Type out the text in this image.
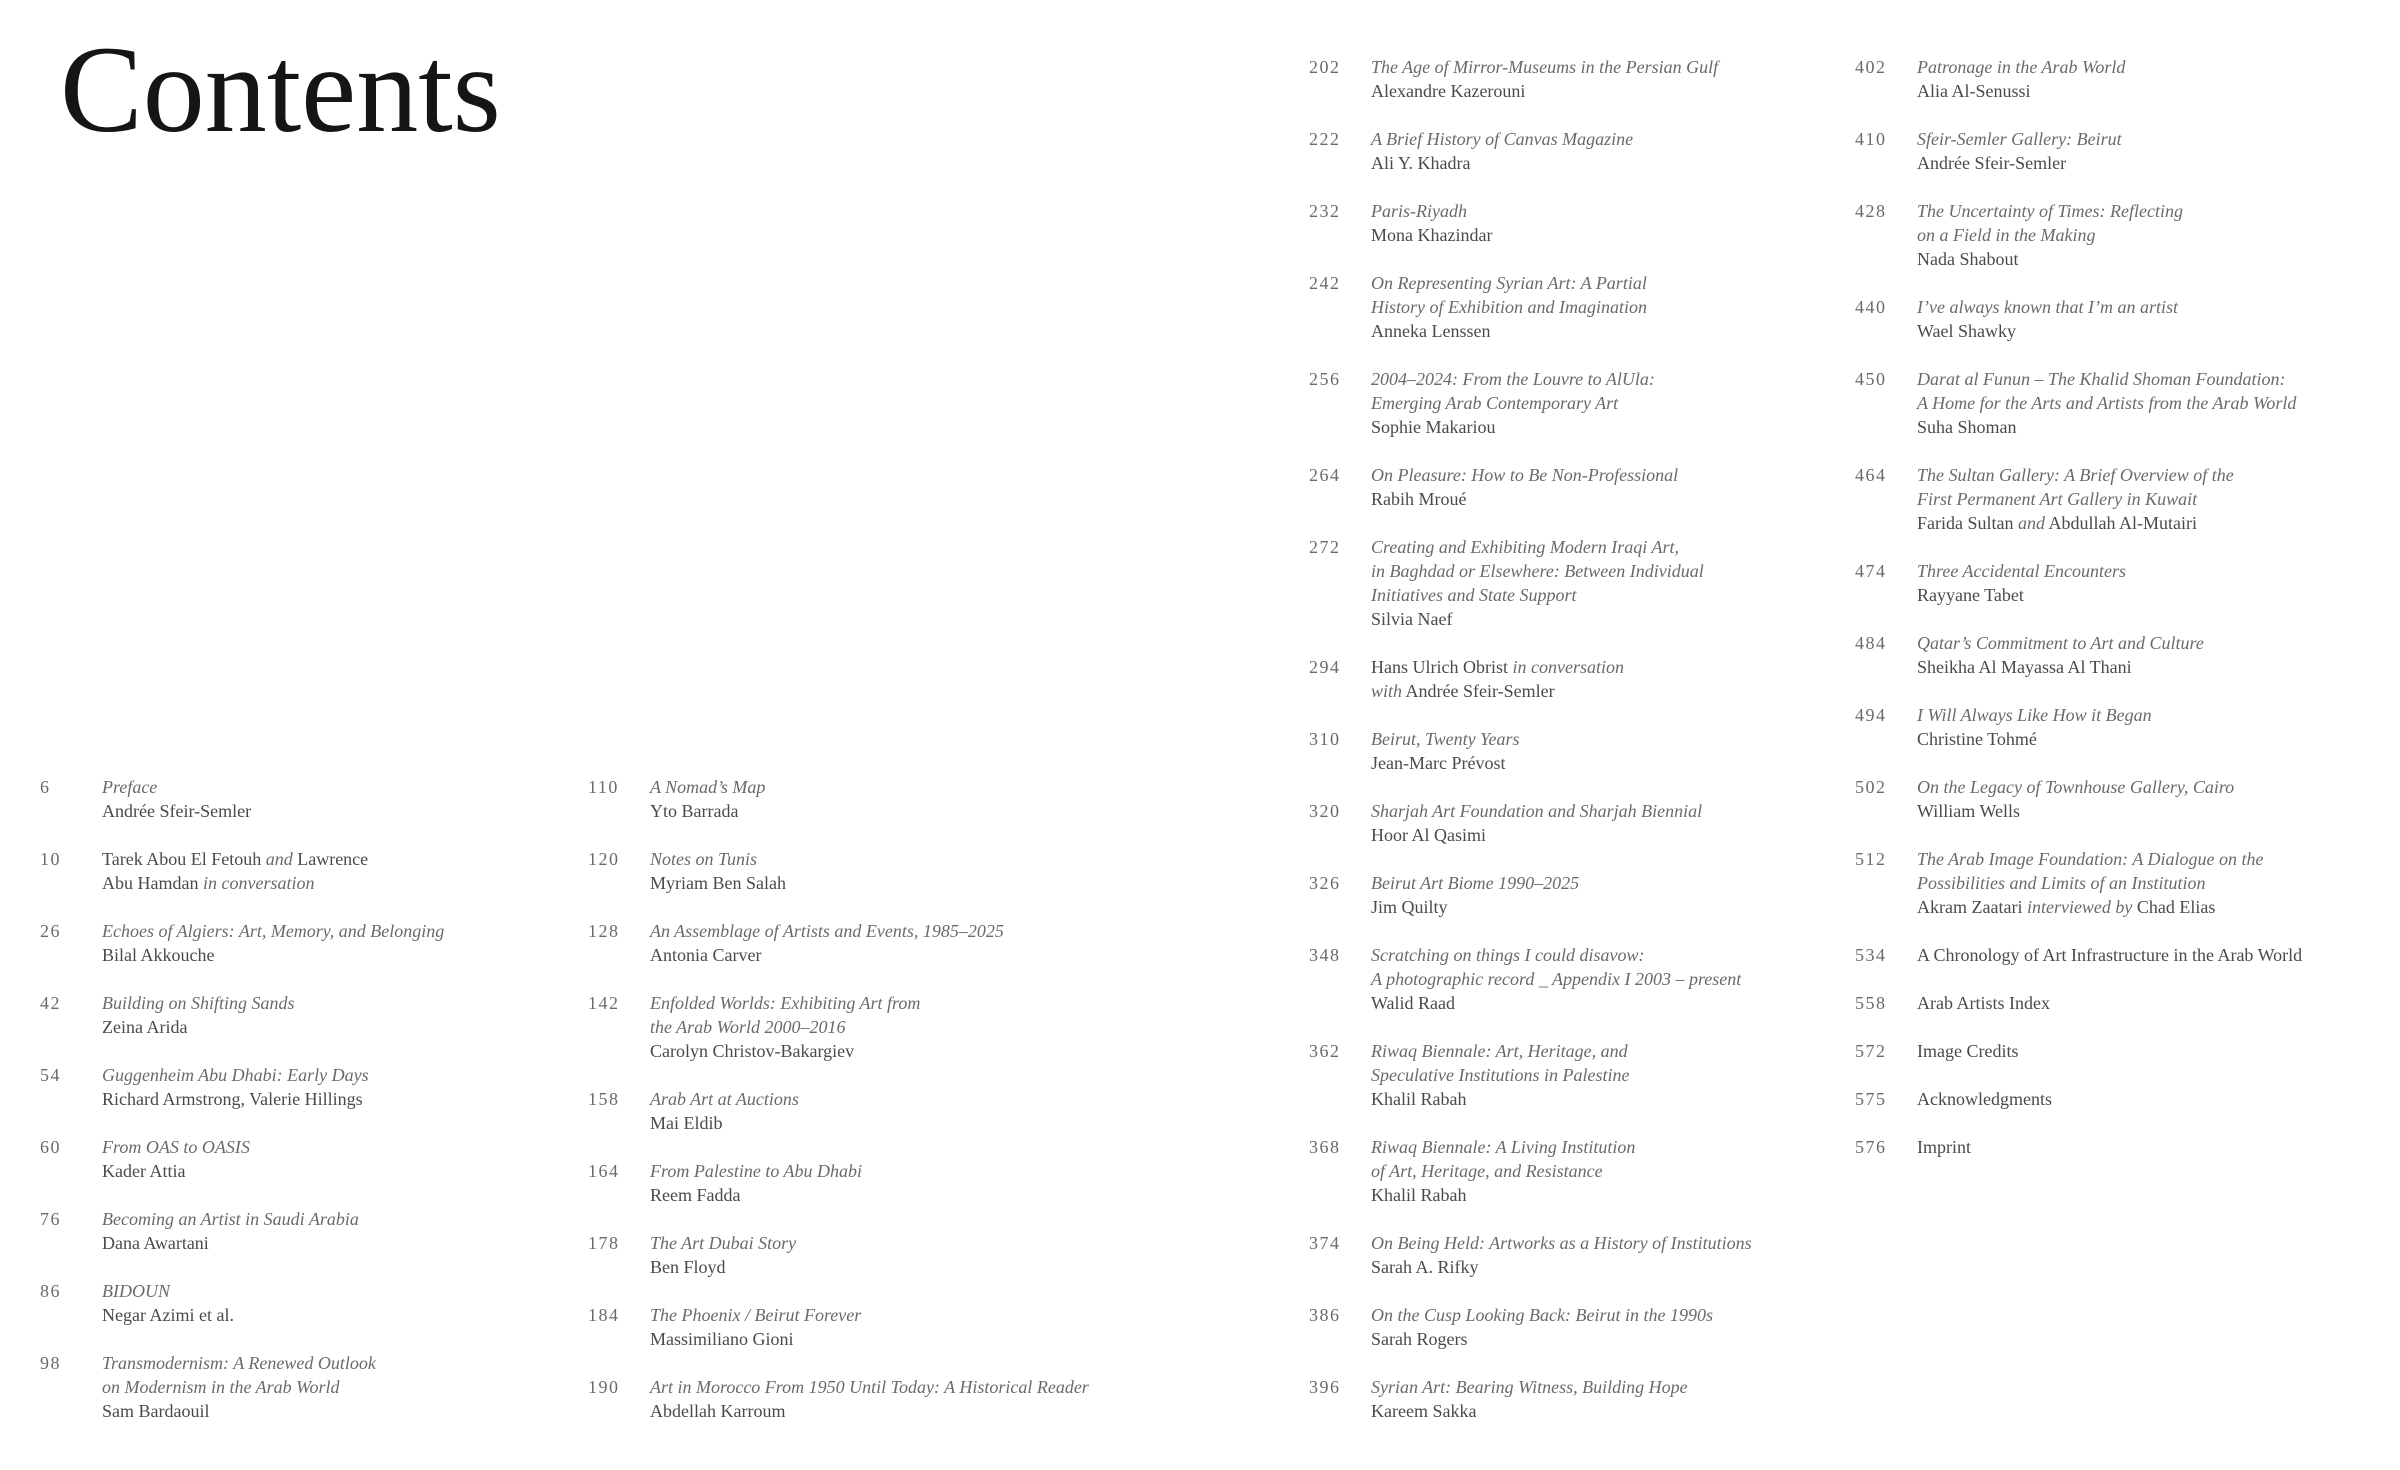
Contents
6	Preface
Andrée Sfeir-Semler
10 Tarek Abou El Fetouh and Lawrence
Abu Hamdan in conversation
26 Echoes of Algiers: Art, Memory, and Belonging
Bilal Akkouche
42 Building on Shifting Sands
Zeina Arida
54 Guggenheim Abu Dhabi: Early Days
Richard Armstrong, Valerie Hillings
60 From OAS to OASIS
Kader Attia
76 Becoming an Artist in Saudi Arabia
Dana Awartani
86 BIDOUN
Negar Azimi et al.
98 Transmodernism: A Renewed Outlook
on Modernism in the Arab World
Sam Bardaouil
110 A Nomad’s Map
Yto Barrada
120 Notes on Tunis
Myriam Ben Salah
128 An Assemblage of Artists and Events, 1985–2025
Antonia Carver
142 Enfolded Worlds: Exhibiting Art from
the Arab World 2000–2016
Carolyn Christov-Bakargiev
158 Arab Art at Auctions
Mai Eldib
164 From Palestine to Abu Dhabi
Reem Fadda
178 The Art Dubai Story
Ben Floyd
184 The Phoenix / Beirut Forever
Massimiliano Gioni
190 Art in Morocco From 1950 Until Today: A Historical Reader
Abdellah Karroum
202 The Age of Mirror-Museums in the Persian Gulf
Alexandre Kazerouni
222 A Brief History of Canvas Magazine
Ali Y. Khadra
232 Paris-Riyadh
Mona Khazindar
242 On Representing Syrian Art: A Partial
History of Exhibition and Imagination
Anneka Lenssen
256 2004–2024: From the Louvre to AlUla:
Emerging Arab Contemporary Art
Sophie Makariou
264 On Pleasure: How to Be Non-Professional
Rabih Mroué
272 Creating and Exhibiting Modern Iraqi Art,
in Baghdad or Elsewhere: Between Individual
Initiatives and State Support
Silvia Naef
294 Hans Ulrich Obrist in conversation
with Andrée Sfeir-Semler
310 Beirut, Twenty Years
Jean-Marc Prévost
320 Sharjah Art Foundation and Sharjah Biennial
Hoor Al Qasimi
326 Beirut Art Biome 1990–2025
Jim Quilty
348 Scratching on things I could disavow:
A photographic record _ Appendix I 2003 – present
Walid Raad
362 Riwaq Biennale: Art, Heritage, and
Speculative Institutions in Palestine
Khalil Rabah
368 Riwaq Biennale: A Living Institution
of Art, Heritage, and Resistance
Khalil Rabah
374 On Being Held: Artworks as a History of Institutions
Sarah A. Rifky
386 On the Cusp Looking Back: Beirut in the 1990s
Sarah Rogers
396 Syrian Art: Bearing Witness, Building Hope
Kareem Sakka
402 Patronage in the Arab World
Alia Al-Senussi
410 Sfeir-Semler Gallery: Beirut
Andrée Sfeir-Semler
428 The Uncertainty of Times: Reflecting
on a Field in the Making
Nada Shabout
440 I’ve always known that I’m an artist
Wael Shawky
450 Darat al Funun – The Khalid Shoman Foundation:
A Home for the Arts and Artists from the Arab World
Suha Shoman
464 The Sultan Gallery: A Brief Overview of the
First Permanent Art Gallery in Kuwait
Farida Sultan and Abdullah Al-Mutairi
474 Three Accidental Encounters
Rayyane Tabet
484 Qatar’s Commitment to Art and Culture
Sheikha Al Mayassa Al Thani
494 I Will Always Like How it Began
Christine Tohmé
502 On the Legacy of Townhouse Gallery, Cairo
William Wells
512 The Arab Image Foundation: A Dialogue on the
Possibilities and Limits of an Institution
Akram Zaatari interviewed by Chad Elias
534 A Chronology of Art Infrastructure in the Arab World
558 Arab Artists Index
572 Image Credits
575 Acknowledgments
576 Imprint
